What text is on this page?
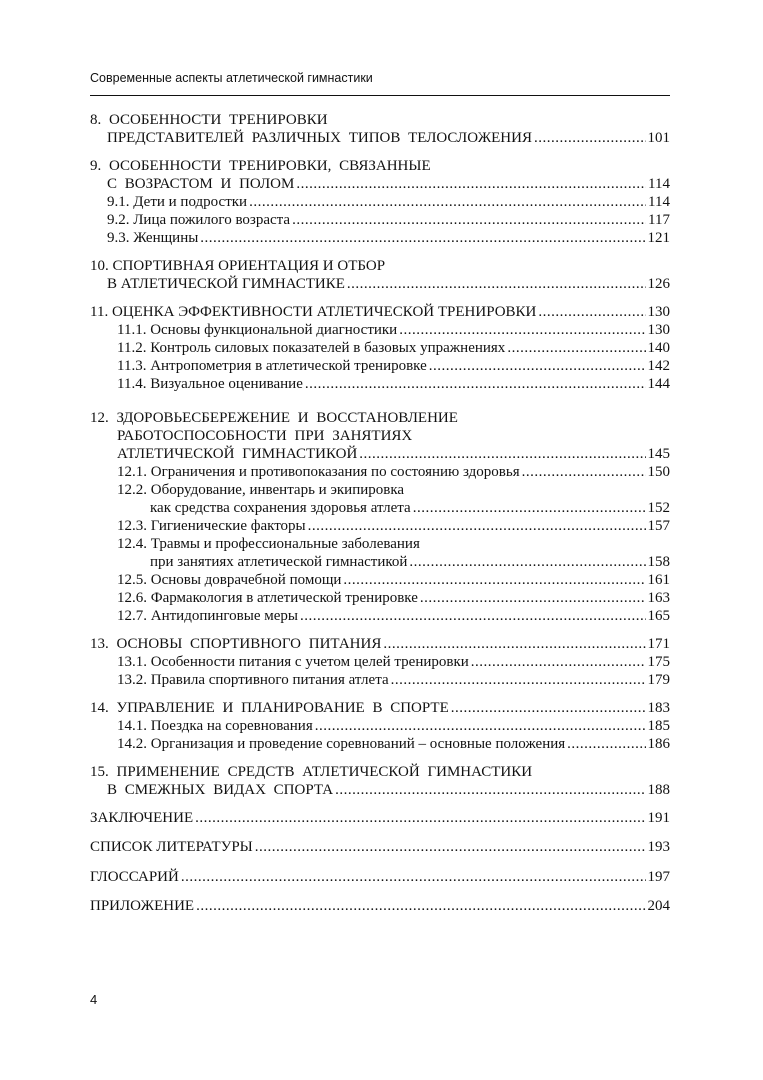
Современные аспекты атлетической гимнастики
8. ОСОБЕННОСТИ ТРЕНИРОВКИ
ПРЕДСТАВИТЕЛЕЙ РАЗЛИЧНЫХ ТИПОВ ТЕЛОСЛОЖЕНИЯ .....	101
9. ОСОБЕННОСТИ ТРЕНИРОВКИ, СВЯЗАННЫЕ
С ВОЗРАСТОМ И ПОЛОМ .....	114
9.1. Дети и подростки .....	114
9.2. Лица пожилого возраста .....	117
9.3. Женщины .....	121
10. СПОРТИВНАЯ ОРИЕНТАЦИЯ И ОТБОР
В АТЛЕТИЧЕСКОЙ ГИМНАСТИКЕ .....	126
11. ОЦЕНКА ЭФФЕКТИВНОСТИ АТЛЕТИЧЕСКОЙ ТРЕНИРОВКИ .....	130
11.1. Основы функциональной диагностики .....	130
11.2. Контроль силовых показателей в базовых упражнениях .....	140
11.3. Антропометрия в атлетической тренировке .....	142
11.4. Визуальное оценивание .....	144
12. ЗДОРОВЬЕСБЕРЕЖЕНИЕ И ВОССТАНОВЛЕНИЕ
РАБОТОСПОСОБНОСТИ ПРИ ЗАНЯТИЯХ
АТЛЕТИЧЕСКОЙ ГИМНАСТИКОЙ .....	145
12.1. Ограничения и противопоказания по состоянию здоровья .....	150
12.2. Оборудование, инвентарь и экипировка
как средства сохранения здоровья атлета .....	152
12.3. Гигиенические факторы .....	157
12.4. Травмы и профессиональные заболевания
при занятиях атлетической гимнастикой .....	158
12.5. Основы доврачебной помощи .....	161
12.6. Фармакология в атлетической тренировке .....	163
12.7. Антидопинговые меры .....	165
13. ОСНОВЫ СПОРТИВНОГО ПИТАНИЯ .....	171
13.1. Особенности питания с учетом целей тренировки .....	175
13.2. Правила спортивного питания атлета .....	179
14. УПРАВЛЕНИЕ И ПЛАНИРОВАНИЕ В СПОРТЕ .....	183
14.1. Поездка на соревнования .....	185
14.2. Организация и проведение соревнований – основные положения .....	186
15. ПРИМЕНЕНИЕ СРЕДСТВ АТЛЕТИЧЕСКОЙ ГИМНАСТИКИ
В СМЕЖНЫХ ВИДАХ СПОРТА .....	188
ЗАКЛЮЧЕНИЕ .....	191
СПИСОК ЛИТЕРАТУРЫ .....	193
ГЛОССАРИЙ .....	197
ПРИЛОЖЕНИЕ .....	204
4
